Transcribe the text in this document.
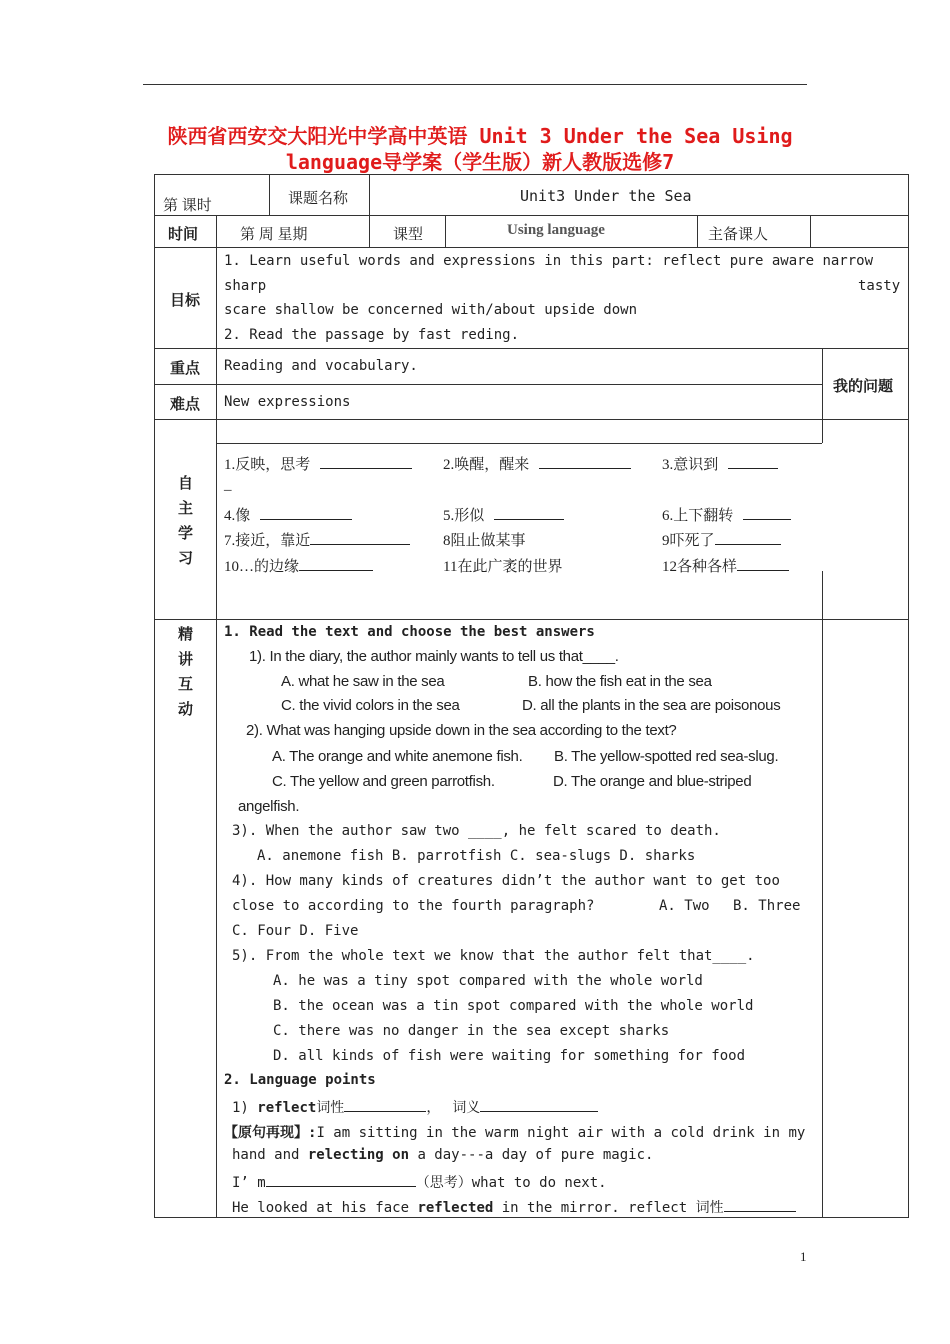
陕西省西安交大阳光中学高中英语 Unit 3 Under the Sea Using
language导学案（学生版）新人教版选修7
第 课时	课题名称	Unit3 Under the Sea
时间	第 周 星期	课型	Using language	主备课人
目标
1. Learn useful words and expressions in this part: reflect pure aware narrow
sharp	tasty
scare shallow be concerned with/about upside down
2. Read the passage by fast reding.
重点 Reading and vocabulary.
难点 New expressions
我的问题
自
主
学
习
1.反映，思考	2.唤醒，醒来	3.意识到
_
4.像	5.形似	6.上下翻转
7.接近，靠近	8阻止做某事	9吓死了
10…的边缘	11在此广袤的世界	12各种各样
精
讲
互
动
1. Read the text and choose the best answers
1). In the diary, the author mainly wants to tell us that____.
A. what he saw in the sea	B. how the fish eat in the sea
C. the vivid colors in the sea	D. all the plants in the sea are poisonous
2). What was hanging upside down in the sea according to the text?
A. The orange and white anemone fish. B. The yellow-spotted red sea-slug.
C. The yellow and green parrotfish.	D. The orange and blue-striped
angelfish.
3). When the author saw two ____, he felt scared to death.
A. anemone fish B. parrotfish C. sea-slugs D. sharks
4). How many kinds of creatures didn’t the author want to get too
close to according to the fourth paragraph?	A. Two B. Three
C. Four D. Five
5). From the whole text we know that the author felt that____.
A. he was a tiny spot compared with the whole world
B. the ocean was a tin spot compared with the whole world
C. there was no danger in the sea except sharks
D. all kinds of fish were waiting for something for food
2. Language points
1) reflect词性	， 词义
【原句再现】:I am sitting in the warm night air with a cold drink in my
hand and relecting on a day---a day of pure magic.
I’ m	（思考）what to do next.
He looked at his face reflected in the mirror. reflect 词性
1
